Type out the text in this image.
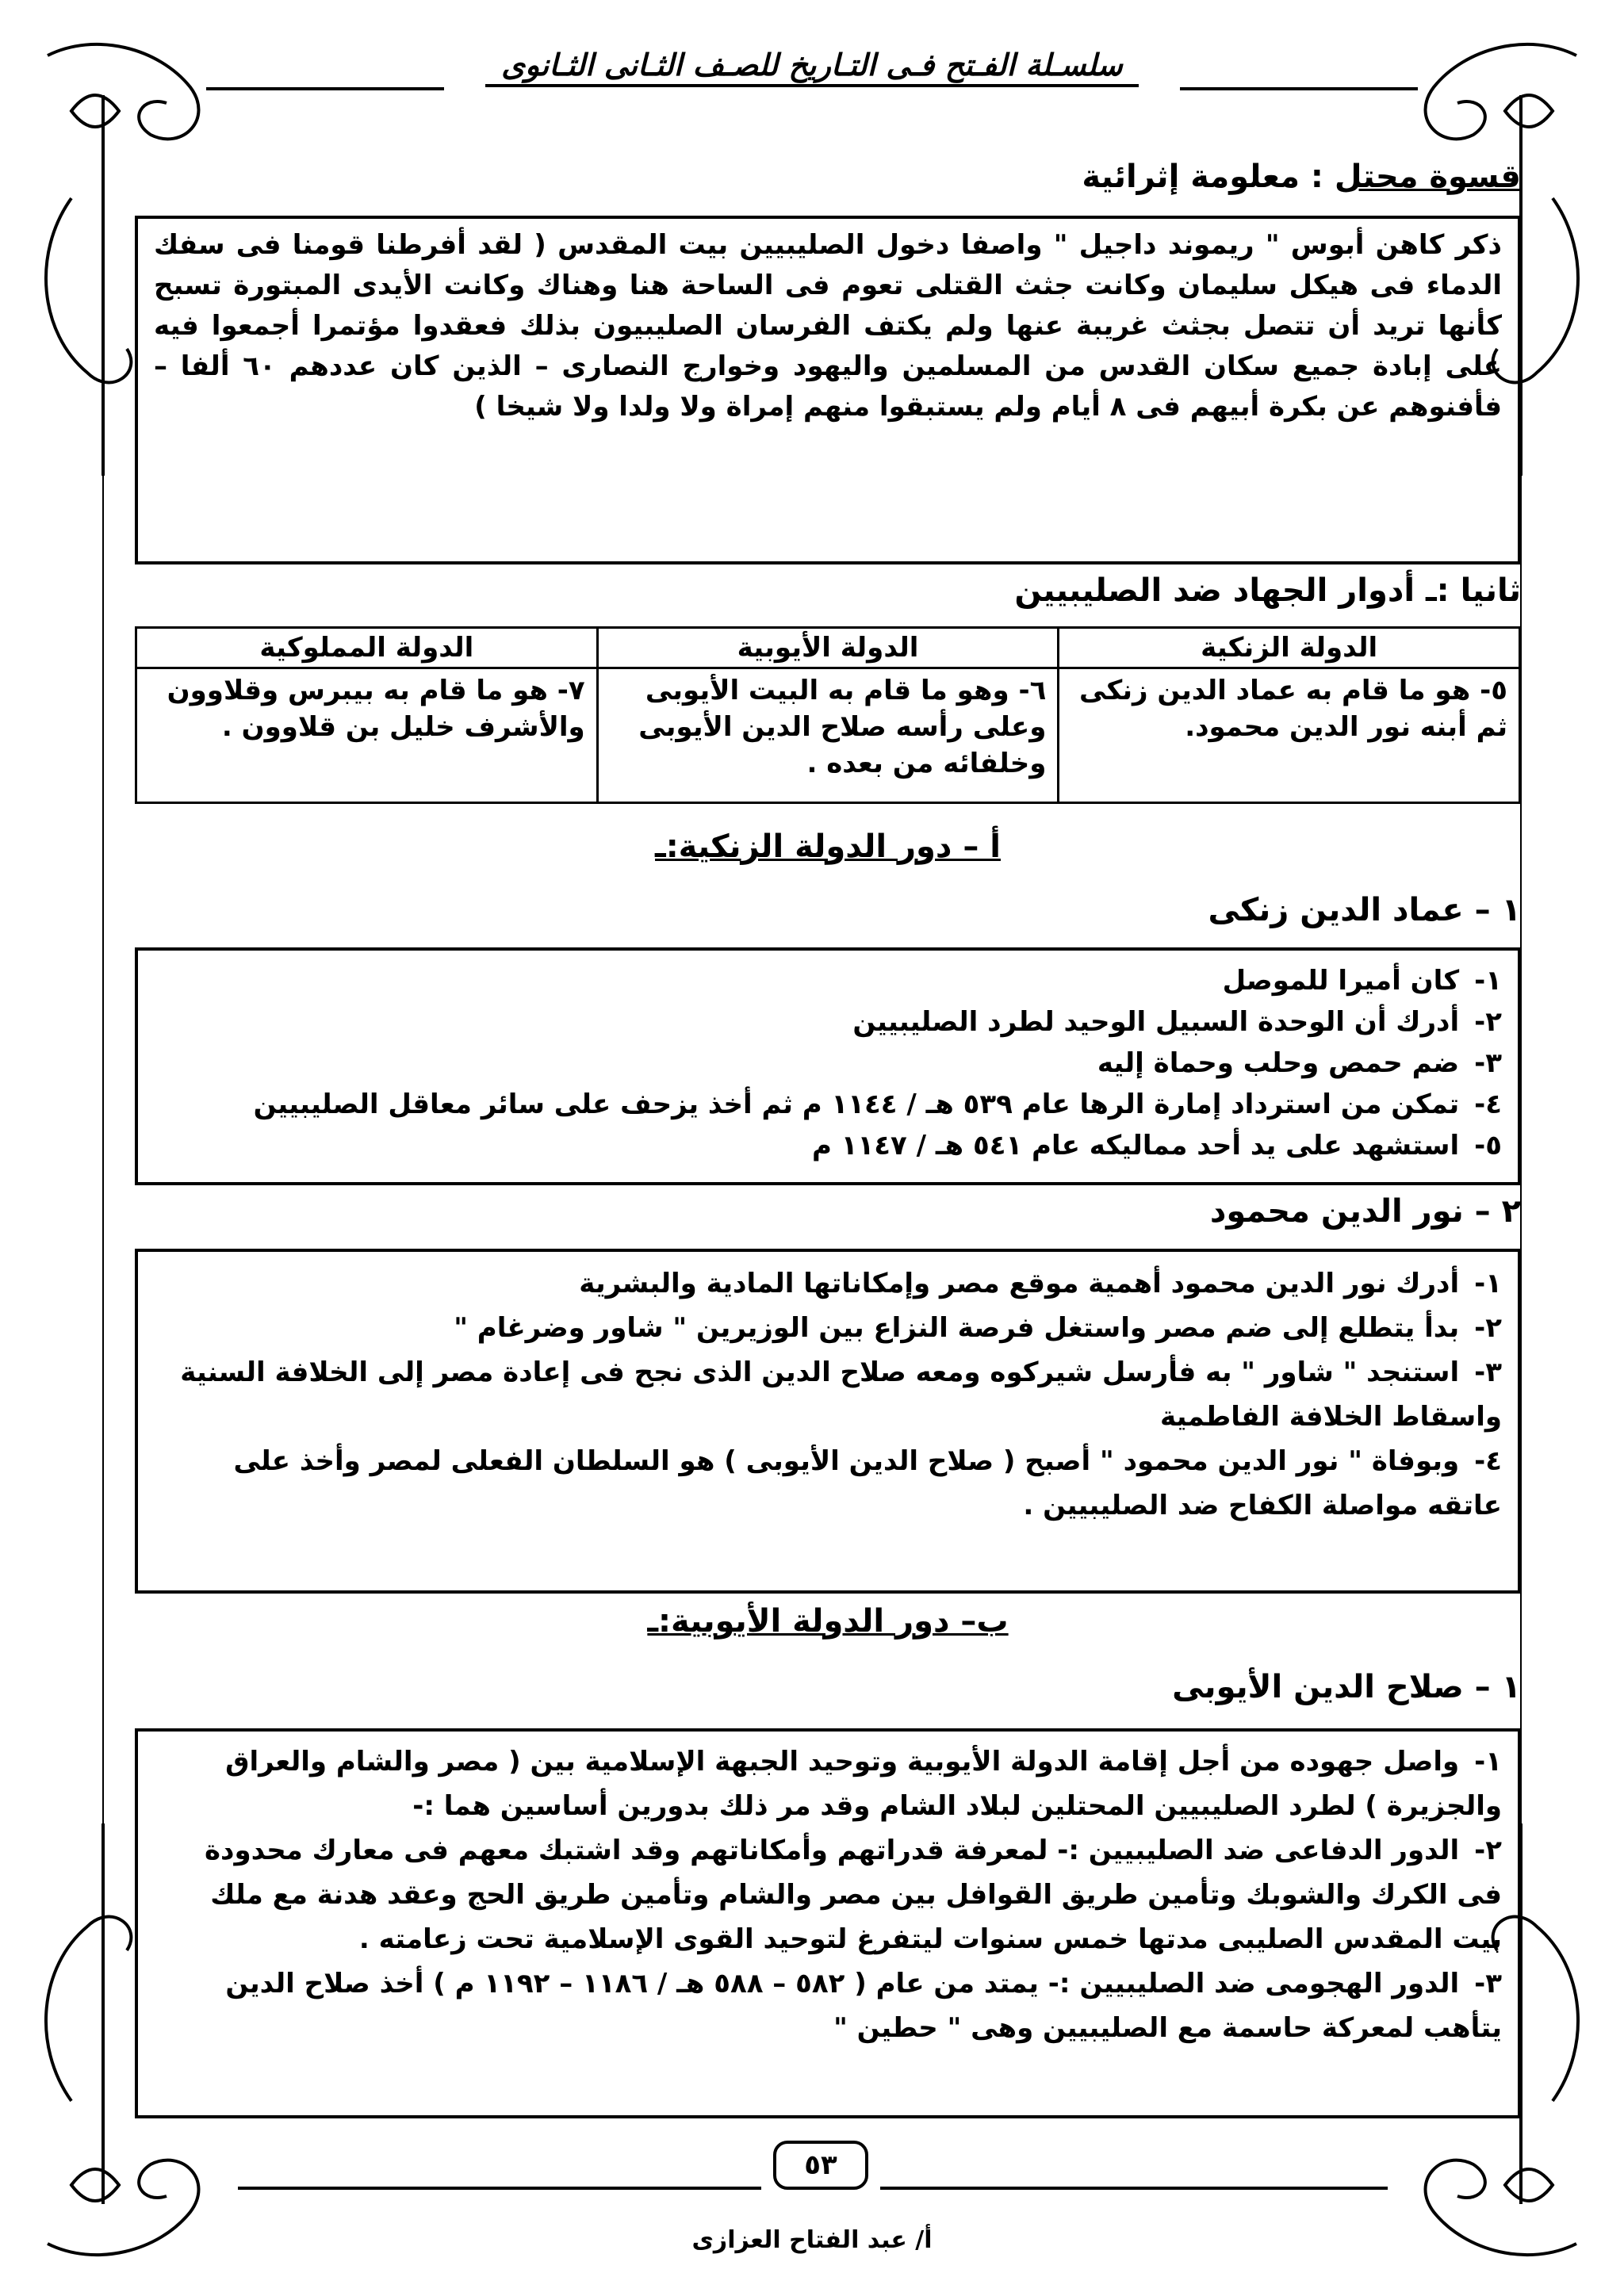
سلسـلة الفـتح فـى التـاريخ للصـف الثـانى الثـانوى
قسوة محتل : معلومة إثرائية

ذكر كاهن أبوس " ريموند داجيل " واصفا دخول الصليبيين بيت المقدس ( لقد أفرطنا قومنا فى سفك الدماء فى هيكل سليمان وكانت جثث القتلى تعوم فى الساحة هنا وهناك وكانت الأيدى المبتورة تسبح كأنها تريد أن تتصل بجثث غريبة عنها ولم يكتف الفرسان الصليبيون بذلك فعقدوا مؤتمرا أجمعوا فيه على إبادة جميع سكان القدس من المسلمين واليهود وخوارج النصارى – الذين كان عددهم ٦٠ ألفا – فأفنوهم عن بكرة أبيهم فى ٨ أيام ولم يستبقوا منهم إمراة ولا ولدا ولا شيخا )

ثانيا :ـ أدوار الجهاد ضد الصليبيين
الدولة الزنكية	الدولة الأيوبية	الدولة المملوكية
٥- هو ما قام به عماد الدين زنكى ثم أبنه نور الدين محمود.	٦- وهو ما قام به البيت الأيوبى وعلى رأسه صلاح الدين الأيوبى وخلفائه من بعده .	٧- هو ما قام به بيبرس وقلاوون والأشرف خليل بن قلاوون .
أ – دور الدولة الزنكية:ـ
١ – عماد الدين زنكى
١- كان أميرا للموصل
٢- أدرك أن الوحدة السبيل الوحيد لطرد الصليبيين
٣- ضم حمص وحلب وحماة إليه
٤- تمكن من استرداد إمارة الرها عام ٥٣٩ هـ / ١١٤٤ م ثم أخذ يزحف على سائر معاقل الصليبيين
٥- استشهد على يد أحد مماليكه عام ٥٤١ هـ / ١١٤٧ م
٢ – نور الدين محمود
١- أدرك نور الدين محمود أهمية موقع مصر وإمكاناتها المادية والبشرية
٢- بدأ يتطلع إلى ضم مصر واستغل فرصة النزاع بين الوزيرين " شاور وضرغام "
٣- استنجد " شاور " به فأرسل شيركوه ومعه صلاح الدين الذى نجح فى إعادة مصر إلى الخلافة السنية واسقاط الخلافة الفاطمية
٤- وبوفاة " نور الدين محمود " أصبح ( صلاح الدين الأيوبى ) هو السلطان الفعلى لمصر وأخذ على عاتقه مواصلة الكفاح ضد الصليبيين .
ب– دور الدولة الأيوبية:ـ
١ – صلاح الدين الأيوبى
١- واصل جهوده من أجل إقامة الدولة الأيوبية وتوحيد الجبهة الإسلامية بين ( مصر والشام والعراق والجزيرة ) لطرد الصليبيين المحتلين لبلاد الشام وقد مر ذلك بدورين أساسين هما :-
٢- الدور الدفاعى ضد الصليبيين :- لمعرفة قدراتهم وأمكاناتهم وقد اشتبك معهم فى معارك محدودة فى الكرك والشوبك وتأمين طريق القوافل بين مصر والشام وتأمين طريق الحج وعقد هدنة مع ملك بيت المقدس الصليبى مدتها خمس سنوات ليتفرغ لتوحيد القوى الإسلامية تحت زعامته .
٣- الدور الهجومى ضد الصليبيين :- يمتد من عام ( ٥٨٢ – ٥٨٨ هـ / ١١٨٦ – ١١٩٢ م ) أخذ صلاح الدين يتأهب لمعركة حاسمة مع الصليبيين وهى " حطين "
٥٣
أ/ عبد الفتاح العزازى
